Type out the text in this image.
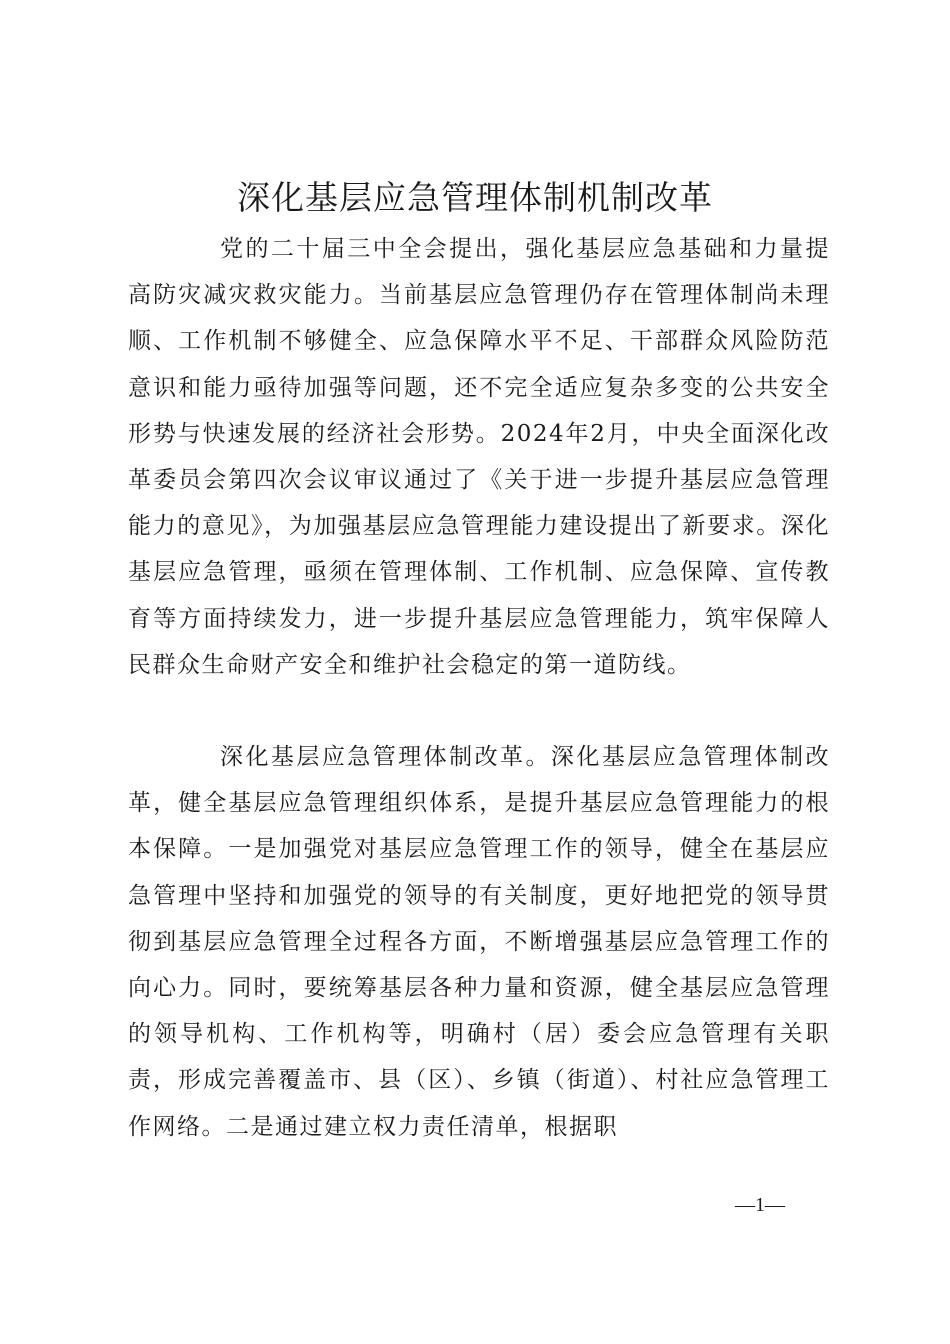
深化基层应急管理体制机制改革

党的二十届三中全会提出，强化基层应急基础和力量提高防灾减灾救灾能力。当前基层应急管理仍存在管理体制尚未理顺、工作机制不够健全、应急保障水平不足、干部群众风险防范意识和能力亟待加强等问题，还不完全适应复杂多变的公共安全形势与快速发展的经济社会形势。2024年2月，中央全面深化改革委员会第四次会议审议通过了《关于进一步提升基层应急管理能力的意见》，为加强基层应急管理能力建设提出了新要求。深化基层应急管理，亟须在管理体制、工作机制、应急保障、宣传教育等方面持续发力，进一步提升基层应急管理能力，筑牢保障人民群众生命财产安全和维护社会稳定的第一道防线。

深化基层应急管理体制改革。深化基层应急管理体制改革，健全基层应急管理组织体系，是提升基层应急管理能力的根本保障。一是加强党对基层应急管理工作的领导，健全在基层应急管理中坚持和加强党的领导的有关制度，更好地把党的领导贯彻到基层应急管理全过程各方面，不断增强基层应急管理工作的向心力。同时，要统筹基层各种力量和资源，健全基层应急管理的领导机构、工作机构等，明确村（居）委会应急管理有关职责，形成完善覆盖市、县（区）、乡镇（街道）、村社应急管理工作网络。二是通过建立权力责任清单，根据职

—1—
